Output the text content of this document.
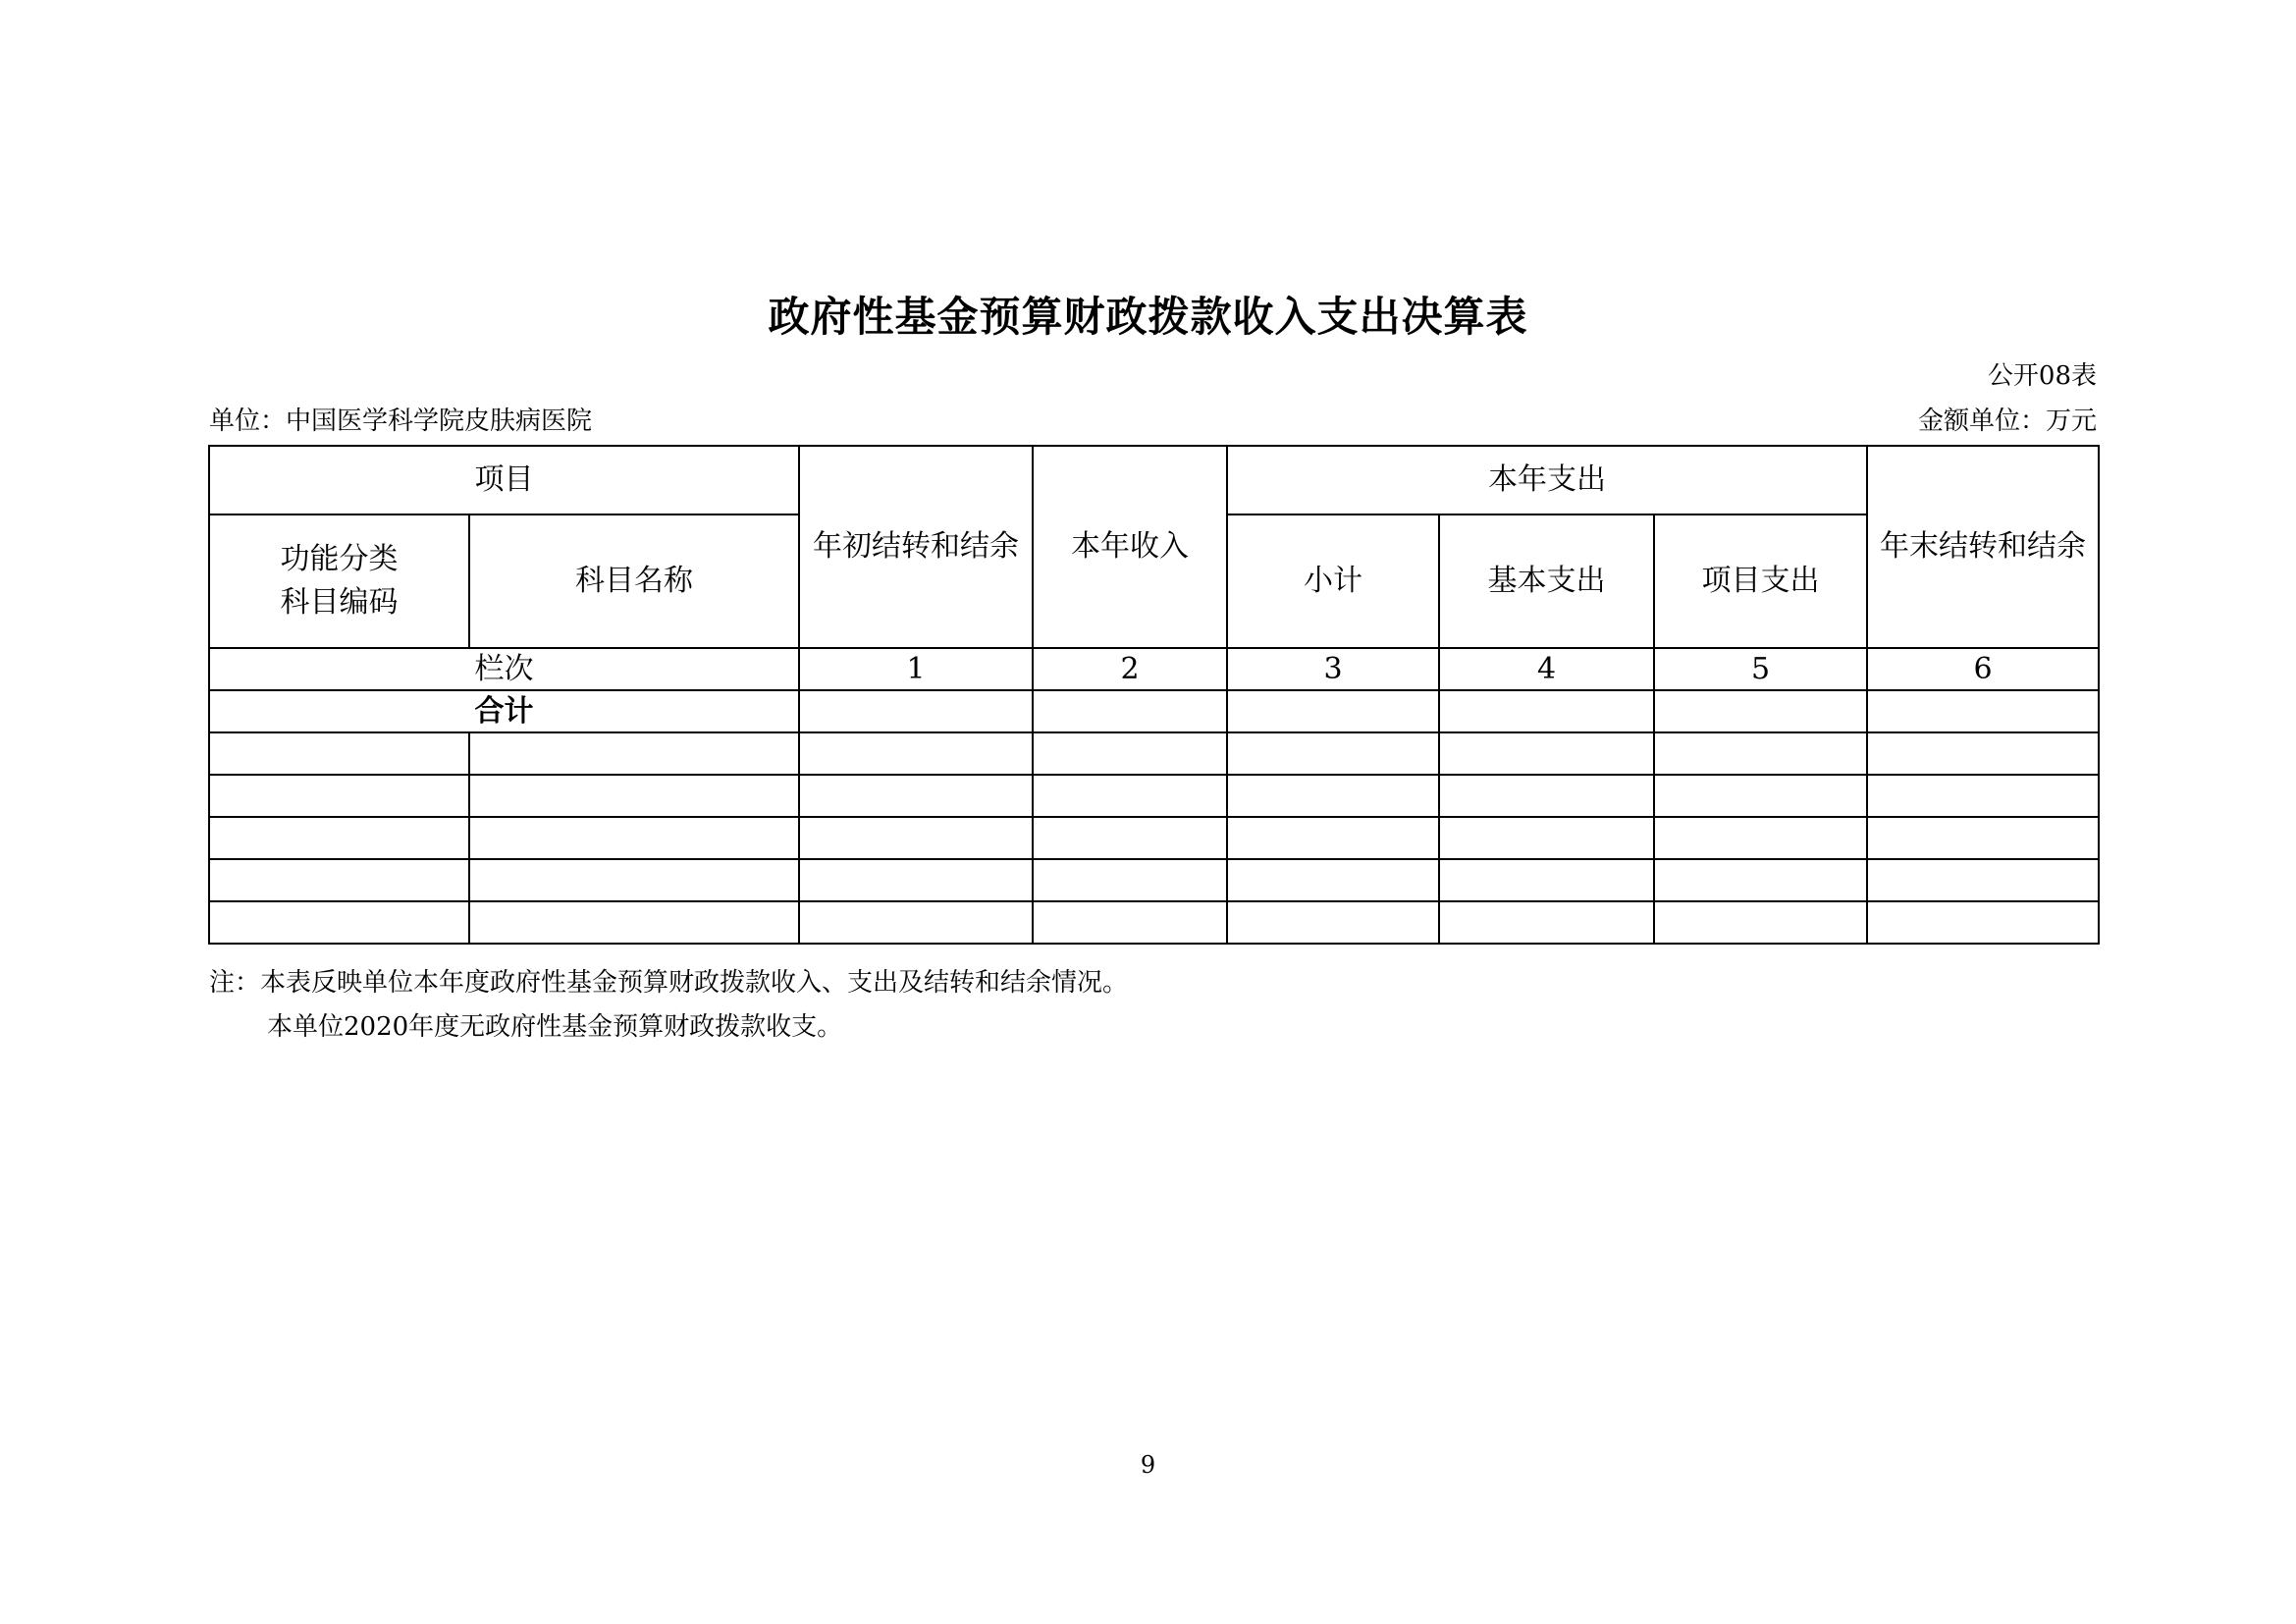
政府性基金预算财政拨款收入支出决算表
公开08表
单位：中国医学科学院皮肤病医院	金额单位：万元
项目		年初结转和结余	本年收入	本年支出			年末结转和结余
功能分类科目编码	科目名称			小计	基本支出	项目支出	
栏次		1	2	3	4	5	6
合计							

注：本表反映单位本年度政府性基金预算财政拨款收入、支出及结转和结余情况。
本单位2020年度无政府性基金预算财政拨款收支。
9
